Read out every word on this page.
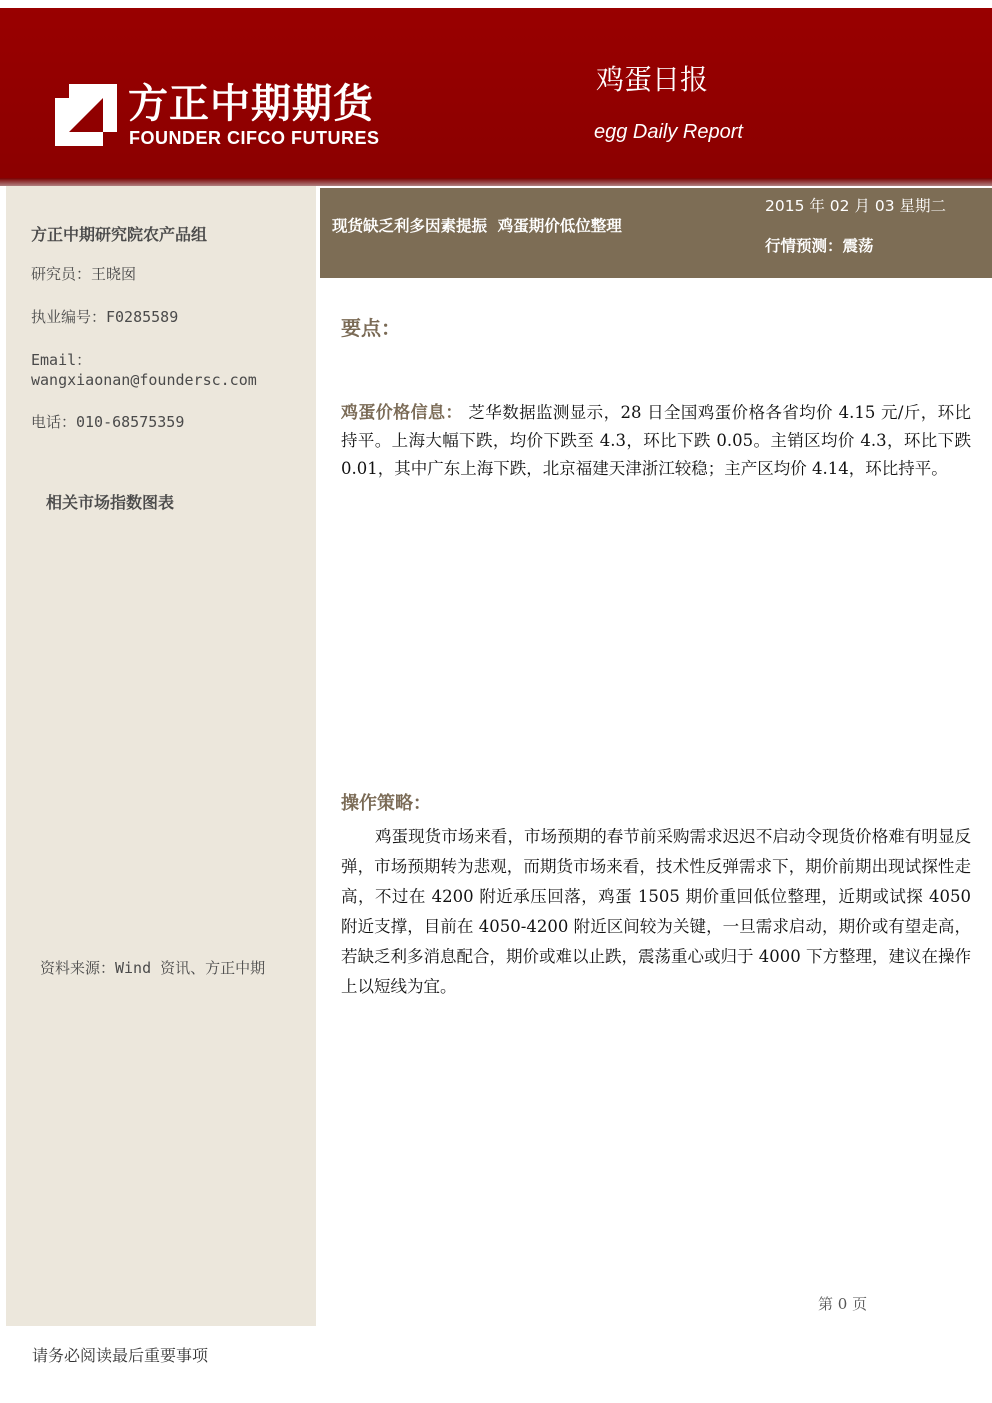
方正中期期货
FOUNDER CIFCO FUTURES
鸡蛋日报
egg Daily Report
方正中期研究院农产品组
研究员：王晓囡
执业编号：F0285589
Email：
wangxiaonan@foundersc.com
电话：010-68575359
相关市场指数图表
资料来源：Wind 资讯、方正中期
现货缺乏利多因素提振  鸡蛋期价低位整理
2015 年 02 月 03 星期二
行情预测：震荡
要点：

鸡蛋价格信息： 芝华数据监测显示，28 日全国鸡蛋价格各省均价 4.15 元/斤，环比持平。上海大幅下跌，均价下跌至 4.3，环比下跌 0.05。主销区均价 4.3，环比下跌 0.01，其中广东上海下跌，北京福建天津浙江较稳；主产区均价 4.14，环比持平。

操作策略：

鸡蛋现货市场来看，市场预期的春节前采购需求迟迟不启动令现货价格难有明显反弹，市场预期转为悲观，而期货市场来看，技术性反弹需求下，期价前期出现试探性走高，不过在 4200 附近承压回落，鸡蛋 1505 期价重回低位整理，近期或试探 4050 附近支撑，目前在 4050-4200 附近区间较为关键，一旦需求启动，期价或有望走高，若缺乏利多消息配合，期价或难以止跌，震荡重心或归于 4000 下方整理，建议在操作上以短线为宜。

第 0 页
请务必阅读最后重要事项
